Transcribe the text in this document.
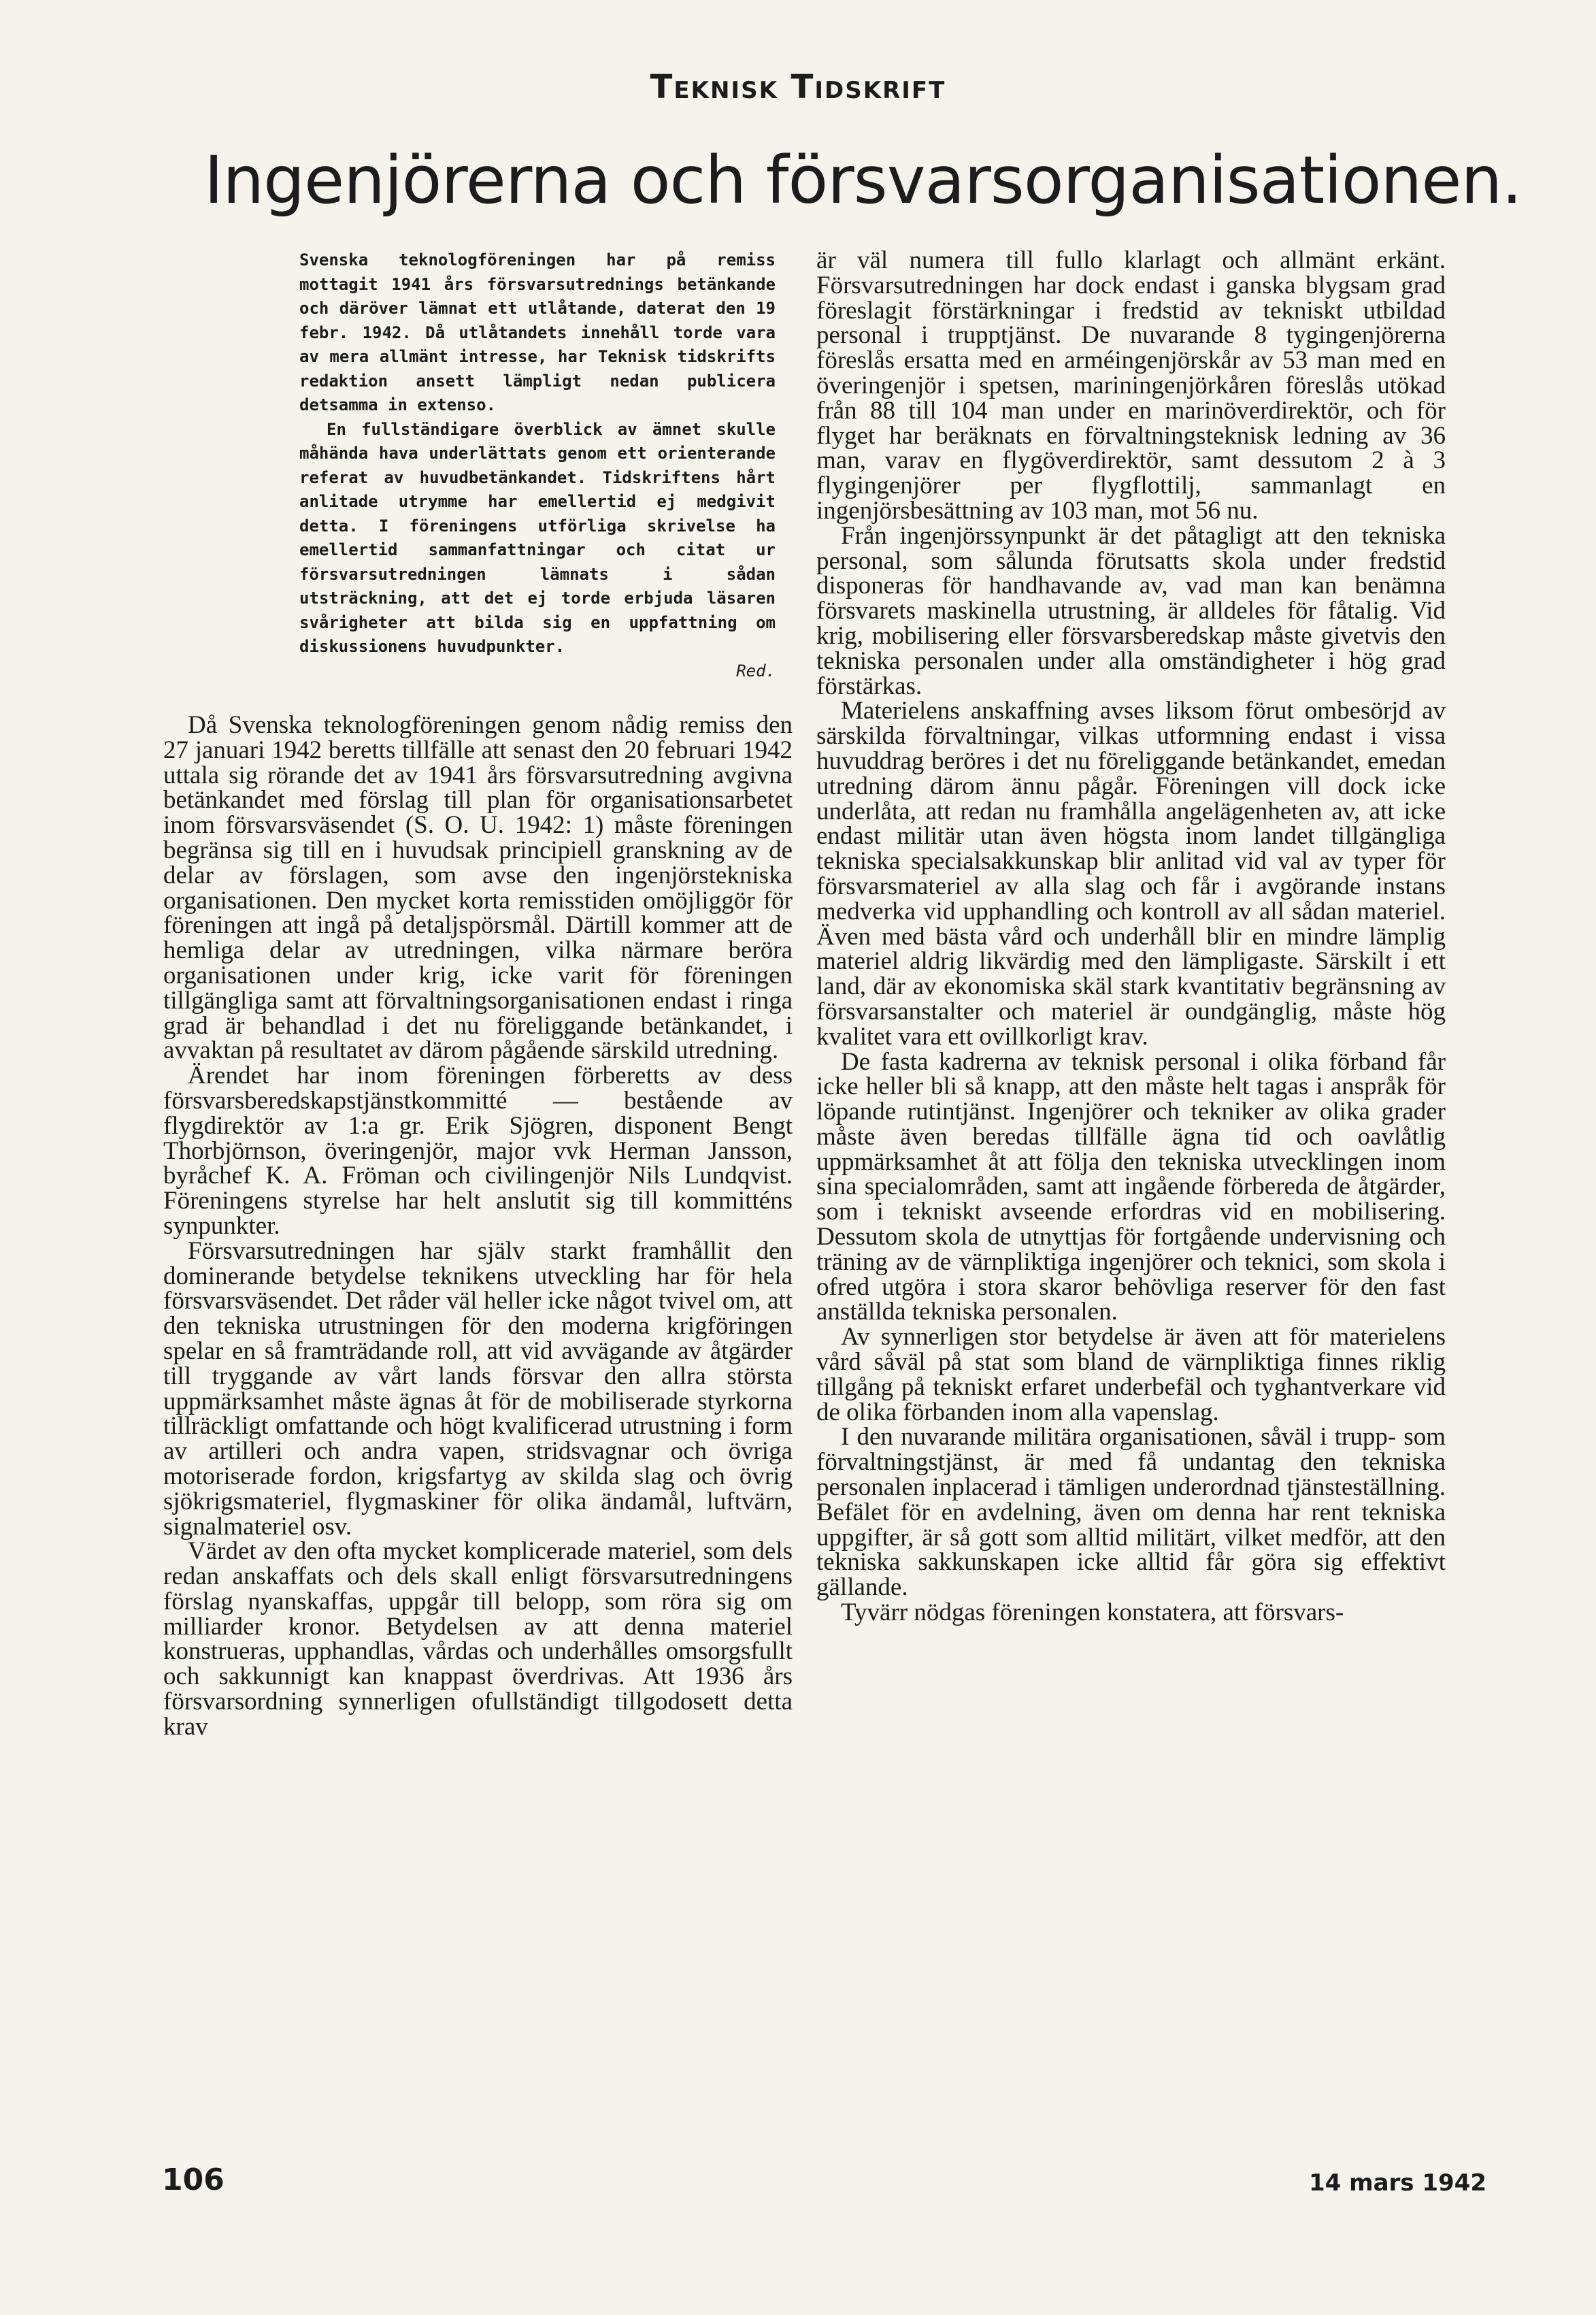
Teknisk Tidskrift
Ingenjörerna och försvarsorganisationen.

Svenska teknologföreningen har på remiss mottagit 1941 års försvarsutrednings betänkande och däröver lämnat ett utlåtande, daterat den 19 febr. 1942. Då utlåtandets innehåll torde vara av mera allmänt intresse, har Teknisk tidskrifts redaktion ansett lämpligt nedan publicera detsamma in extenso.

En fullständigare överblick av ämnet skulle måhända hava underlättats genom ett orienterande referat av huvudbetänkandet. Tidskriftens hårt anlitade utrymme har emellertid ej medgivit detta. I föreningens utförliga skrivelse ha emellertid sammanfattningar och citat ur försvarsutredningen lämnats i sådan utsträckning, att det ej torde erbjuda läsaren svårigheter att bilda sig en uppfattning om diskussionens huvudpunkter.

Red.

Då Svenska teknologföreningen genom nådig remiss den 27 januari 1942 beretts tillfälle att senast den 20 februari 1942 uttala sig rörande det av 1941 års försvarsutredning avgivna betänkandet med förslag till plan för organisationsarbetet inom försvarsväsendet (S. O. U. 1942: 1) måste föreningen begränsa sig till en i huvudsak principiell granskning av de delar av förslagen, som avse den ingenjörstekniska organisationen. Den mycket korta remisstiden omöjliggör för föreningen att ingå på detaljspörsmål. Därtill kommer att de hemliga delar av utredningen, vilka närmare beröra organisationen under krig, icke varit för föreningen tillgängliga samt att förvaltningsorganisationen endast i ringa grad är behandlad i det nu föreliggande betänkandet, i avvaktan på resultatet av därom pågående särskild utredning.

Ärendet har inom föreningen förberetts av dess försvarsberedskapstjänstkommitté — bestående av flygdirektör av 1:a gr. Erik Sjögren, disponent Bengt Thorbjörnson, överingenjör, major vvk Herman Jansson, byråchef K. A. Fröman och civilingenjör Nils Lundqvist. Föreningens styrelse har helt anslutit sig till kommitténs synpunkter.

Försvarsutredningen har själv starkt framhållit den dominerande betydelse teknikens utveckling har för hela försvarsväsendet. Det råder väl heller icke något tvivel om, att den tekniska utrustningen för den moderna krigföringen spelar en så framträdande roll, att vid avvägande av åtgärder till tryggande av vårt lands försvar den allra största uppmärksamhet måste ägnas åt för de mobiliserade styrkorna tillräckligt omfattande och högt kvalificerad utrustning i form av artilleri och andra vapen, stridsvagnar och övriga motoriserade fordon, krigsfartyg av skilda slag och övrig sjökrigsmateriel, flygmaskiner för olika ändamål, luftvärn, signalmateriel osv.

Värdet av den ofta mycket komplicerade materiel, som dels redan anskaffats och dels skall enligt försvarsutredningens förslag nyanskaffas, uppgår till belopp, som röra sig om milliarder kronor. Betydelsen av att denna materiel konstrueras, upphandlas, vårdas och underhålles omsorgsfullt och sakkunnigt kan knappast överdrivas. Att 1936 års försvarsordning synnerligen ofullständigt tillgodosett detta krav

är väl numera till fullo klarlagt och allmänt erkänt. Försvarsutredningen har dock endast i ganska blygsam grad föreslagit förstärkningar i fredstid av tekniskt utbildad personal i trupptjänst. De nuvarande 8 tygingenjörerna föreslås ersatta med en arméingenjörskår av 53 man med en överingenjör i spetsen, mariningenjörkåren föreslås utökad från 88 till 104 man under en marinöverdirektör, och för flyget har beräknats en förvaltningsteknisk ledning av 36 man, varav en flygöverdirektör, samt dessutom 2 à 3 flygingenjörer per flygflottilj, sammanlagt en ingenjörsbesättning av 103 man, mot 56 nu.

Från ingenjörssynpunkt är det påtagligt att den tekniska personal, som sålunda förutsatts skola under fredstid disponeras för handhavande av, vad man kan benämna försvarets maskinella utrustning, är alldeles för fåtalig. Vid krig, mobilisering eller försvarsberedskap måste givetvis den tekniska personalen under alla omständigheter i hög grad förstärkas.

Materielens anskaffning avses liksom förut ombesörjd av särskilda förvaltningar, vilkas utformning endast i vissa huvuddrag beröres i det nu föreliggande betänkandet, emedan utredning därom ännu pågår. Föreningen vill dock icke underlåta, att redan nu framhålla angelägenheten av, att icke endast militär utan även högsta inom landet tillgängliga tekniska specialsakkunskap blir anlitad vid val av typer för försvarsmateriel av alla slag och får i avgörande instans medverka vid upphandling och kontroll av all sådan materiel. Även med bästa vård och underhåll blir en mindre lämplig materiel aldrig likvärdig med den lämpligaste. Särskilt i ett land, där av ekonomiska skäl stark kvantitativ begränsning av försvarsanstalter och materiel är oundgänglig, måste hög kvalitet vara ett ovillkorligt krav.

De fasta kadrerna av teknisk personal i olika förband får icke heller bli så knapp, att den måste helt tagas i anspråk för löpande rutintjänst. Ingenjörer och tekniker av olika grader måste även beredas tillfälle ägna tid och oavlåtlig uppmärksamhet åt att följa den tekniska utvecklingen inom sina specialområden, samt att ingående förbereda de åtgärder, som i tekniskt avseende erfordras vid en mobilisering. Dessutom skola de utnyttjas för fortgående undervisning och träning av de värnpliktiga ingenjörer och teknici, som skola i ofred utgöra i stora skaror behövliga reserver för den fast anställda tekniska personalen.

Av synnerligen stor betydelse är även att för materielens vård såväl på stat som bland de värnpliktiga finnes riklig tillgång på tekniskt erfaret underbefäl och tyghantverkare vid de olika förbanden inom alla vapenslag.

I den nuvarande militära organisationen, såväl i trupp- som förvaltningstjänst, är med få undantag den tekniska personalen inplacerad i tämligen underordnad tjänsteställning. Befälet för en avdelning, även om denna har rent tekniska uppgifter, är så gott som alltid militärt, vilket medför, att den tekniska sakkunskapen icke alltid får göra sig effektivt gällande.

Tyvärr nödgas föreningen konstatera, att försvars-

106	14 mars 1942
